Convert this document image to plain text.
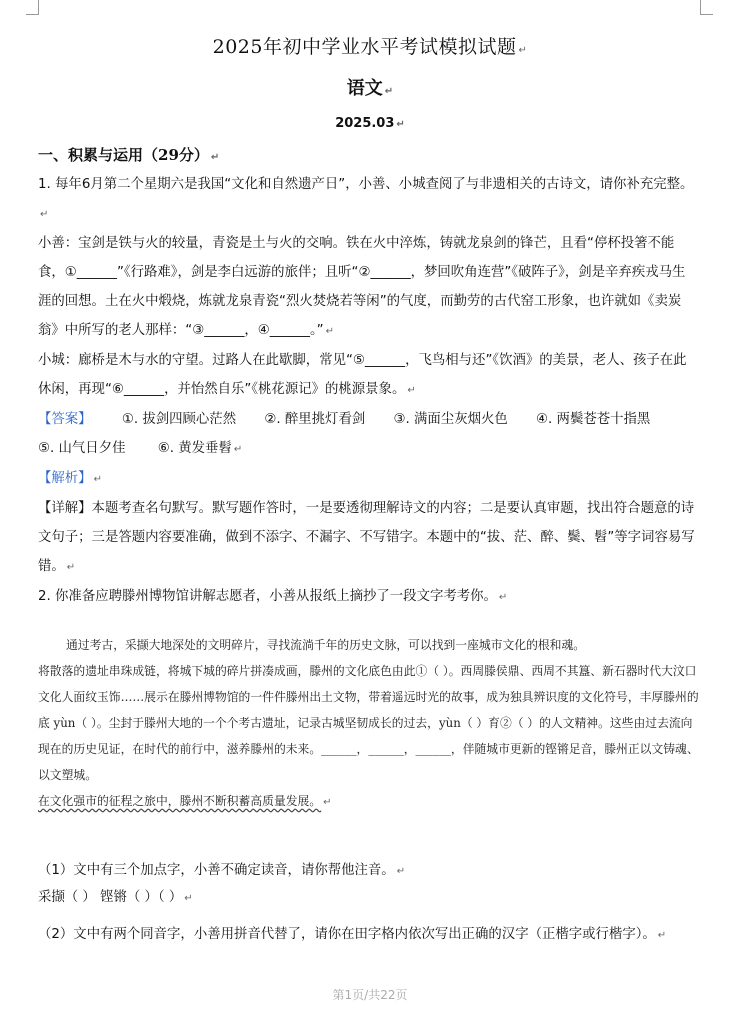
2025年初中学业水平考试模拟试题 ↵
语文 ↵
2025.03 ↵
一、积累与运用（29分） ↵

1. 每年6月第二个星期六是我国“文化和自然遗产日”，小善、小城查阅了与非遗相关的古诗文，请你补充完整。↵

小善：宝剑是铁与火的较量，青瓷是土与火的交响。铁在火中淬炼，铸就龙泉剑的锋芒，且看“停杯投箸不能食，①______”《行路难》，剑是李白远游的旅伴；且听“②______，梦回吹角连营”《破阵子》，剑是辛弃疾戎马生涯的回想。土在火中煅烧，炼就龙泉青瓷“烈火焚烧若等闲”的气度，而勤劳的古代窑工形象，也许就如《卖炭翁》中所写的老人那样：“③______，④______。” ↵

小城：廊桥是木与水的守望。过路人在此歇脚，常见“⑤______，飞鸟相与还”《饮酒》的美景，老人、孩子在此休闲，再现“⑥______，并怡然自乐”《桃花源记》的桃源景象。 ↵

【答案】 ①. 拔剑四顾心茫然 ②. 醉里挑灯看剑 ③. 满面尘灰烟火色 ④. 两鬓苍苍十指黑 ⑤. 山气日夕佳 ⑥. 黄发垂髫 ↵

【解析】 ↵

【详解】本题考查名句默写。默写题作答时，一是要透彻理解诗文的内容；二是要认真审题，找出符合题意的诗文句子；三是答题内容要准确，做到不添字、不漏字、不写错字。本题中的“拔、茫、醉、鬓、髫”等字词容易写错。 ↵

2. 你准备应聘滕州博物馆讲解志愿者，小善从报纸上摘抄了一段文字考考你。 ↵

通过考古，采撷大地深处的文明碎片，寻找流淌千年的历史文脉，可以找到一座城市文化的根和魂。

将散落的遗址串珠成链，将城下城的碎片拼凑成画，滕州的文化底色由此①（ ）。西周滕侯鼎、西周不其簋、新石器时代大汶口文化人面纹玉饰……展示在滕州博物馆的一件件滕州出土文物，带着遥远时光的故事，成为独具辨识度的文化符号，丰厚滕州的底 yùn（ ）。尘封于滕州大地的一个个考古遗址，记录古城坚韧成长的过去，yùn（ ）育②（ ）的人文精神。这些由过去流向现在的历史见证，在时代的前行中，滋养滕州的未来。______，______，______，伴随城市更新的铿锵足音，滕州正以文铸魂、以文塑城。

在文化强市的征程之旅中，滕州不断积蓄高质量发展。 ↵

（1）文中有三个加点字，小善不确定读音，请你帮他注音。 ↵

采撷（ ） 铿锵（ ）（ ） ↵

（2）文中有两个同音字，小善用拼音代替了，请你在田字格内依次写出正确的汉字（正楷字或行楷字）。 ↵

第1页/共22页
